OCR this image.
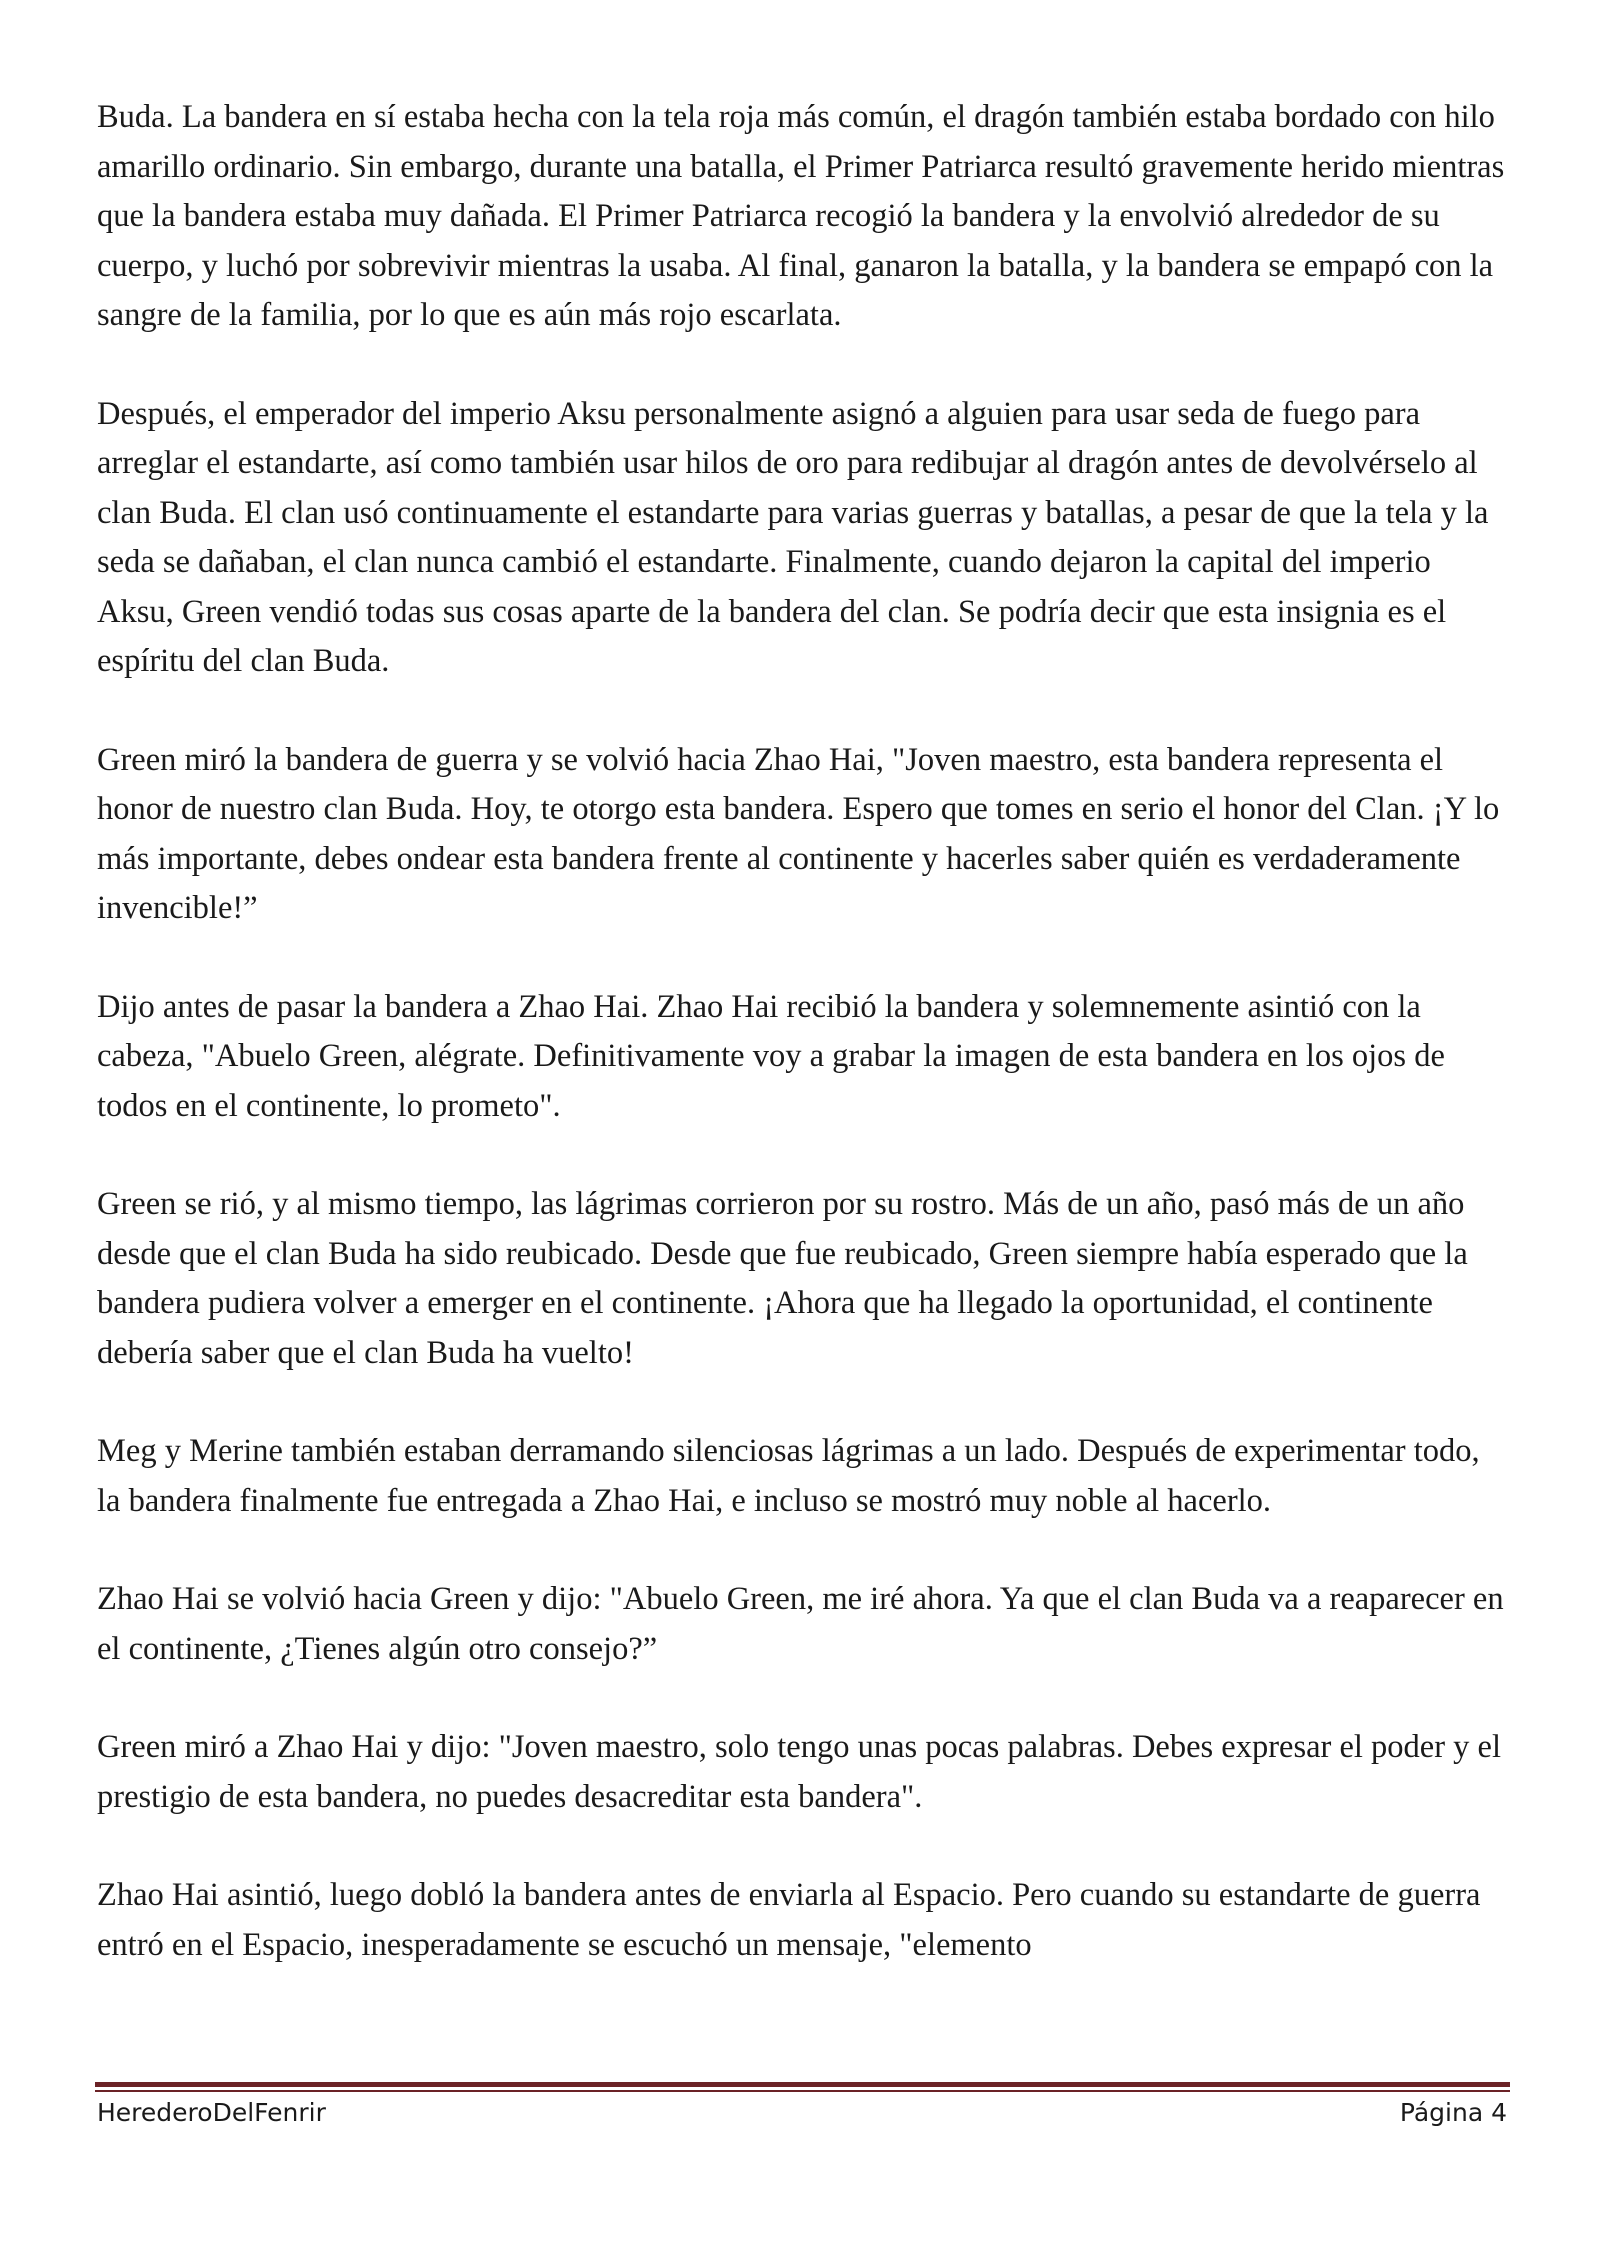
Buda. La bandera en sí estaba hecha con la tela roja más común, el dragón también estaba bordado con hilo amarillo ordinario. Sin embargo, durante una batalla, el Primer Patriarca resultó gravemente herido mientras que la bandera estaba muy dañada. El Primer Patriarca recogió la bandera y la envolvió alrededor de su cuerpo, y luchó por sobrevivir mientras la usaba. Al final, ganaron la batalla, y la bandera se empapó con la sangre de la familia, por lo que es aún más rojo escarlata.

Después, el emperador del imperio Aksu personalmente asignó a alguien para usar seda de fuego para arreglar el estandarte, así como también usar hilos de oro para redibujar al dragón antes de devolvérselo al clan Buda. El clan usó continuamente el estandarte para varias guerras y batallas, a pesar de que la tela y la seda se dañaban, el clan nunca cambió el estandarte. Finalmente, cuando dejaron la capital del imperio Aksu, Green vendió todas sus cosas aparte de la bandera del clan. Se podría decir que esta insignia es el espíritu del clan Buda.

Green miró la bandera de guerra y se volvió hacia Zhao Hai, "Joven maestro, esta bandera representa el honor de nuestro clan Buda. Hoy, te otorgo esta bandera. Espero que tomes en serio el honor del Clan. ¡Y lo más importante, debes ondear esta bandera frente al continente y hacerles saber quién es verdaderamente invencible!”

Dijo antes de pasar la bandera a Zhao Hai. Zhao Hai recibió la bandera y solemnemente asintió con la cabeza, "Abuelo Green, alégrate. Definitivamente voy a grabar la imagen de esta bandera en los ojos de todos en el continente, lo prometo".

Green se rió, y al mismo tiempo, las lágrimas corrieron por su rostro. Más de un año, pasó más de un año desde que el clan Buda ha sido reubicado. Desde que fue reubicado, Green siempre había esperado que la bandera pudiera volver a emerger en el continente. ¡Ahora que ha llegado la oportunidad, el continente debería saber que el clan Buda ha vuelto!

Meg y Merine también estaban derramando silenciosas lágrimas a un lado. Después de experimentar todo, la bandera finalmente fue entregada a Zhao Hai, e incluso se mostró muy noble al hacerlo.

Zhao Hai se volvió hacia Green y dijo: "Abuelo Green, me iré ahora. Ya que el clan Buda va a reaparecer en el continente, ¿Tienes algún otro consejo?”

Green miró a Zhao Hai y dijo: "Joven maestro, solo tengo unas pocas palabras. Debes expresar el poder y el prestigio de esta bandera, no puedes desacreditar esta bandera".

Zhao Hai asintió, luego dobló la bandera antes de enviarla al Espacio. Pero cuando su estandarte de guerra entró en el Espacio, inesperadamente se escuchó un mensaje, "elemento

HerederoDelFenrir	Página 4
